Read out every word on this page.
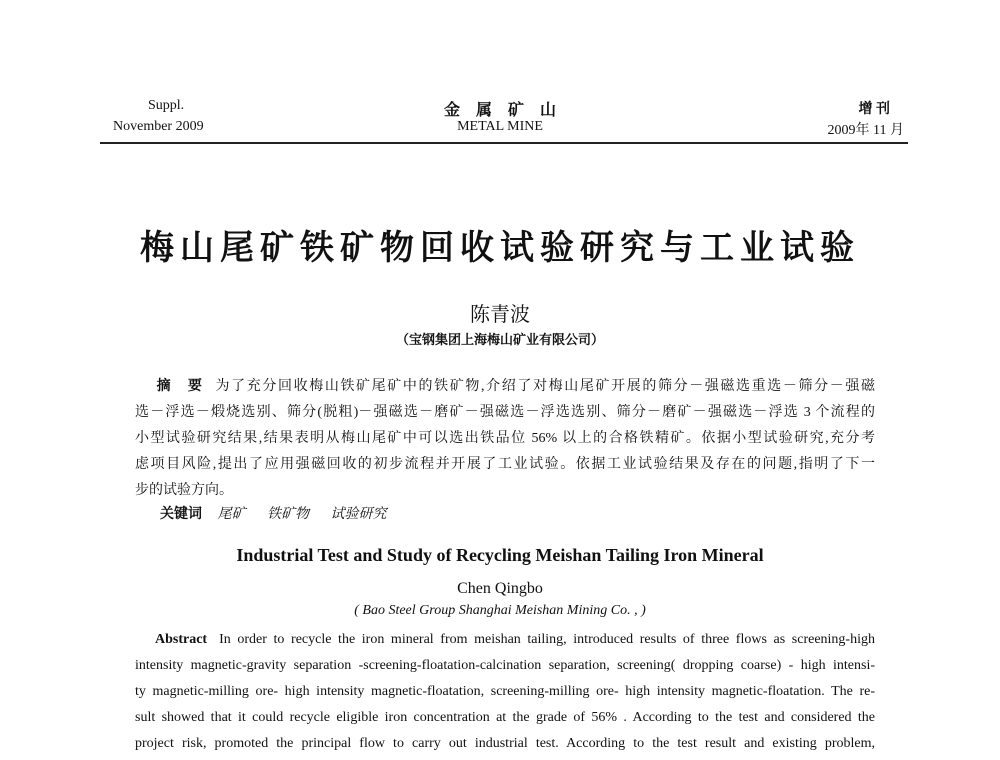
Suppl.
November 2009
金　属　矿　山
METAL MINE
增 刊
2009年 11 月
梅山尾矿铁矿物回收试验研究与工业试验
陈青波
（宝钢集团上海梅山矿业有限公司）
摘　要 为了充分回收梅山铁矿尾矿中的铁矿物,介绍了对梅山尾矿开展的筛分－强磁选重选－筛分－强磁
选－浮选－煅烧选别、筛分(脱粗)－强磁选－磨矿－强磁选－浮选选别、筛分－磨矿－强磁选－浮选 3 个流程的
小型试验研究结果,结果表明从梅山尾矿中可以选出铁品位 56% 以上的合格铁精矿。依据小型试验研究,充分考
虑项目风险,提出了应用强磁回收的初步流程并开展了工业试验。依据工业试验结果及存在的问题,指明了下一
步的试验方向。
关键词 尾矿 铁矿物 试验研究
Industrial Test and Study of Recycling Meishan Tailing Iron Mineral
Chen Qingbo
( Bao Steel Group Shanghai Meishan Mining Co. , )
Abstract In order to recycle the iron mineral from meishan tailing, introduced results of three flows as screening-high
intensity magnetic-gravity separation -screening-floatation-calcination separation, screening( dropping coarse) - high intensi-
ty magnetic-milling ore- high intensity magnetic-floatation, screening-milling ore- high intensity magnetic-floatation. The re-
sult showed that it could recycle eligible iron concentration at the grade of 56% . According to the test and considered the
project risk, promoted the principal flow to carry out industrial test. According to the test result and existing problem,
